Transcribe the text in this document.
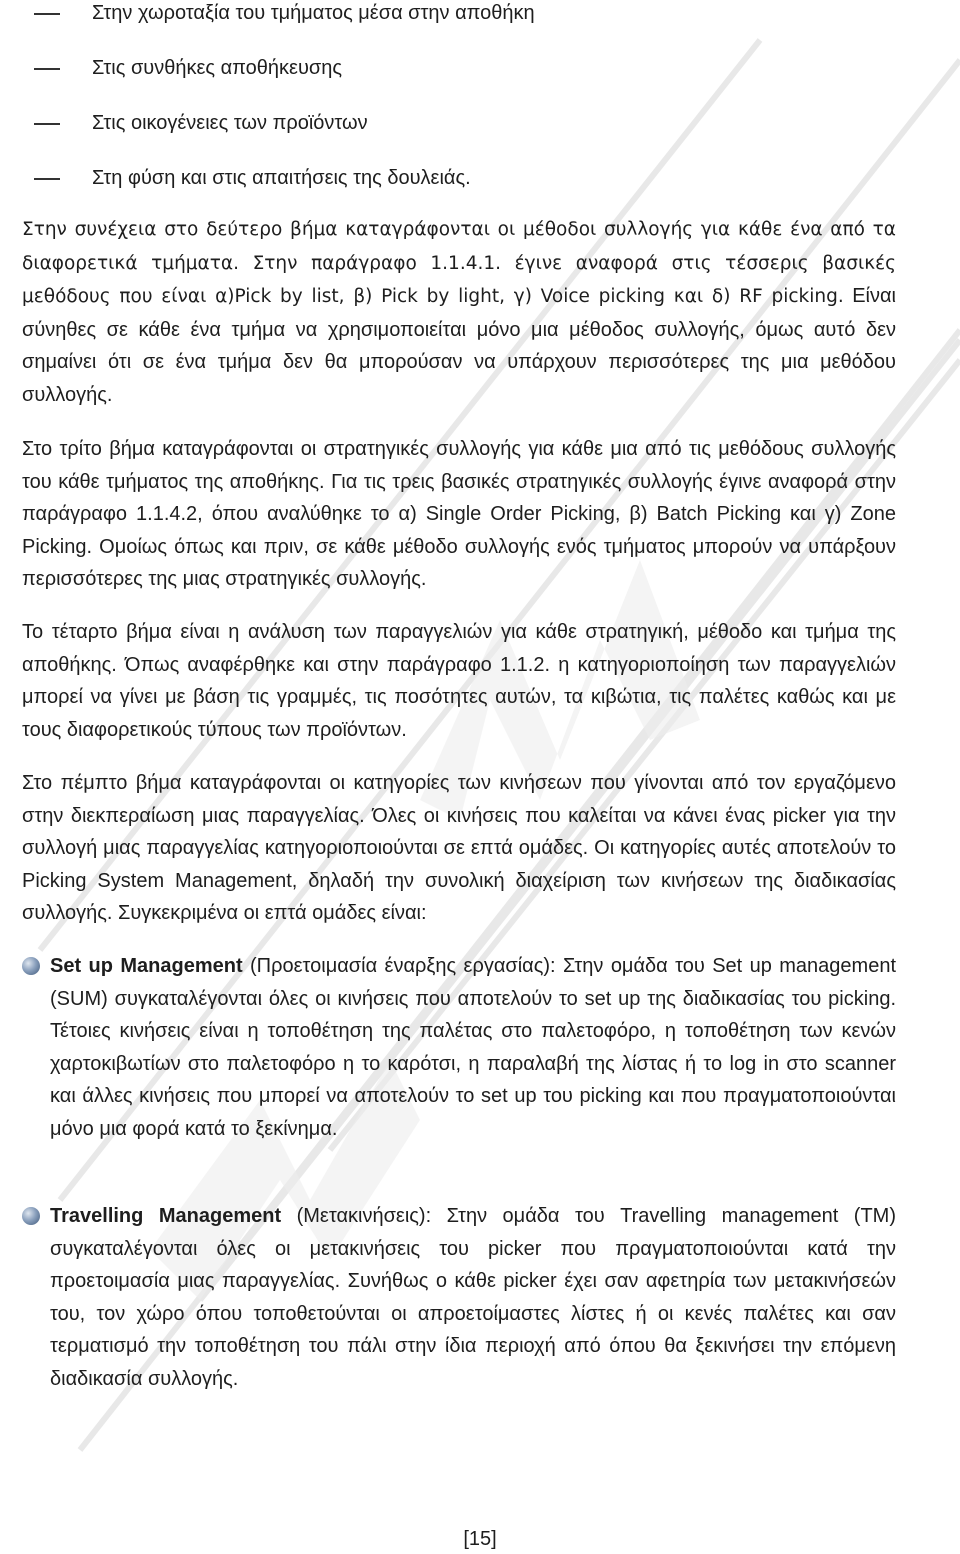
Στην χωροταξία του τμήματος μέσα στην αποθήκη
Στις συνθήκες αποθήκευσης
Στις οικογένειες των προϊόντων
Στη φύση και στις απαιτήσεις της δουλειάς.

Στην συνέχεια στο δεύτερο βήμα καταγράφονται οι μέθοδοι συλλογής για κάθε ένα από τα διαφορετικά τμήματα. Στην παράγραφο 1.1.4.1. έγινε αναφορά στις τέσσερις βασικές μεθόδους που είναι α)Pick by list, β) Pick by light, γ) Voice picking και δ) RF picking. Είναι σύνηθες σε κάθε ένα τμήμα να χρησιμοποιείται μόνο μια μέθοδος συλλογής, όμως αυτό δεν σημαίνει ότι σε ένα τμήμα δεν θα μπορούσαν να υπάρχουν περισσότερες της μια μεθόδου συλλογής.

Στο τρίτο βήμα καταγράφονται οι στρατηγικές συλλογής για κάθε μια από τις μεθόδους συλλογής του κάθε τμήματος της αποθήκης. Για τις τρεις βασικές στρατηγικές συλλογής έγινε αναφορά στην παράγραφο 1.1.4.2, όπου αναλύθηκε το α) Single Order Picking, β) Batch Picking και γ) Zone Picking. Ομοίως όπως και πριν, σε κάθε μέθοδο συλλογής ενός τμήματος μπορούν να υπάρξουν περισσότερες της μιας στρατηγικές συλλογής.

Το τέταρτο βήμα είναι η ανάλυση των παραγγελιών για κάθε στρατηγική, μέθοδο και τμήμα της αποθήκης. Όπως αναφέρθηκε και στην παράγραφο 1.1.2. η κατηγοριοποίηση των παραγγελιών μπορεί να γίνει με βάση τις γραμμές, τις ποσότητες αυτών, τα κιβώτια, τις παλέτες καθώς και με τους διαφορετικούς τύπους των προϊόντων.

Στο πέμπτο βήμα καταγράφονται οι κατηγορίες των κινήσεων που γίνονται από τον εργαζόμενο στην διεκπεραίωση μιας παραγγελίας. Όλες οι κινήσεις που καλείται να κάνει ένας picker για την συλλογή μιας παραγγελίας κατηγοριοποιούνται σε επτά ομάδες. Οι κατηγορίες αυτές αποτελούν το Picking System Management, δηλαδή την συνολική διαχείριση των κινήσεων της διαδικασίας συλλογής. Συγκεκριμένα οι επτά ομάδες είναι:

Set up Management (Προετοιμασία έναρξης εργασίας): Στην ομάδα του Set up management (SUM) συγκαταλέγονται όλες οι κινήσεις που αποτελούν το set up της διαδικασίας του picking. Τέτοιες κινήσεις είναι η τοποθέτηση της παλέτας στο παλετοφόρο, η τοποθέτηση των κενών χαρτοκιβωτίων στο παλετοφόρο η το καρότσι, η παραλαβή της λίστας ή το log in στο scanner και άλλες κινήσεις που μπορεί να αποτελούν το set up του picking και που πραγματοποιούνται μόνο μια φορά κατά το ξεκίνημα.

Travelling Management (Μετακινήσεις): Στην ομάδα του Travelling management (TM) συγκαταλέγονται όλες οι μετακινήσεις του picker που πραγματοποιούνται κατά την προετοιμασία μιας παραγγελίας. Συνήθως ο κάθε picker έχει σαν αφετηρία των μετακινήσεών του, τον χώρο όπου τοποθετούνται οι απροετοίμαστες λίστες ή οι κενές παλέτες και σαν τερματισμό την τοποθέτηση του πάλι στην ίδια περιοχή από όπου θα ξεκινήσει την επόμενη διαδικασία συλλογής.

[15]
